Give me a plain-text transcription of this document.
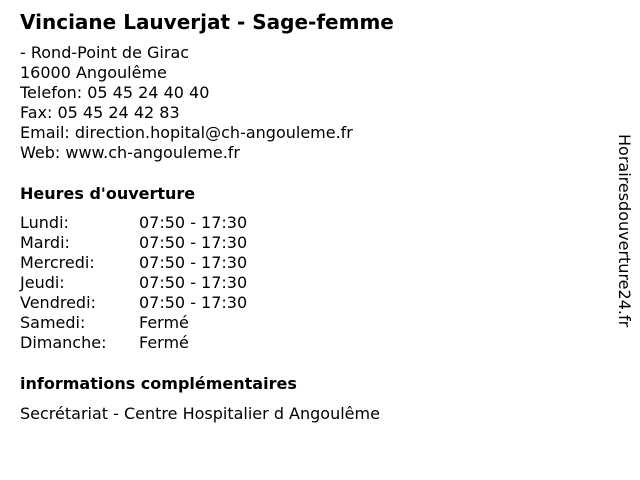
Vinciane Lauverjat - Sage-femme
- Rond-Point de Girac
16000 Angoulême
Telefon: 05 45 24 40 40
Fax: 05 45 24 42 83
Email: direction.hopital@ch-angouleme.fr
Web: www.ch-angouleme.fr
Heures d'ouverture
Lundi:	07:50 - 17:30
Mardi:	07:50 - 17:30
Mercredi:	07:50 - 17:30
Jeudi:	07:50 - 17:30
Vendredi:	07:50 - 17:30
Samedi:	Fermé
Dimanche:	Fermé
informations complémentaires
Secrétariat - Centre Hospitalier d Angoulême
Horairesdouverture24.fr
